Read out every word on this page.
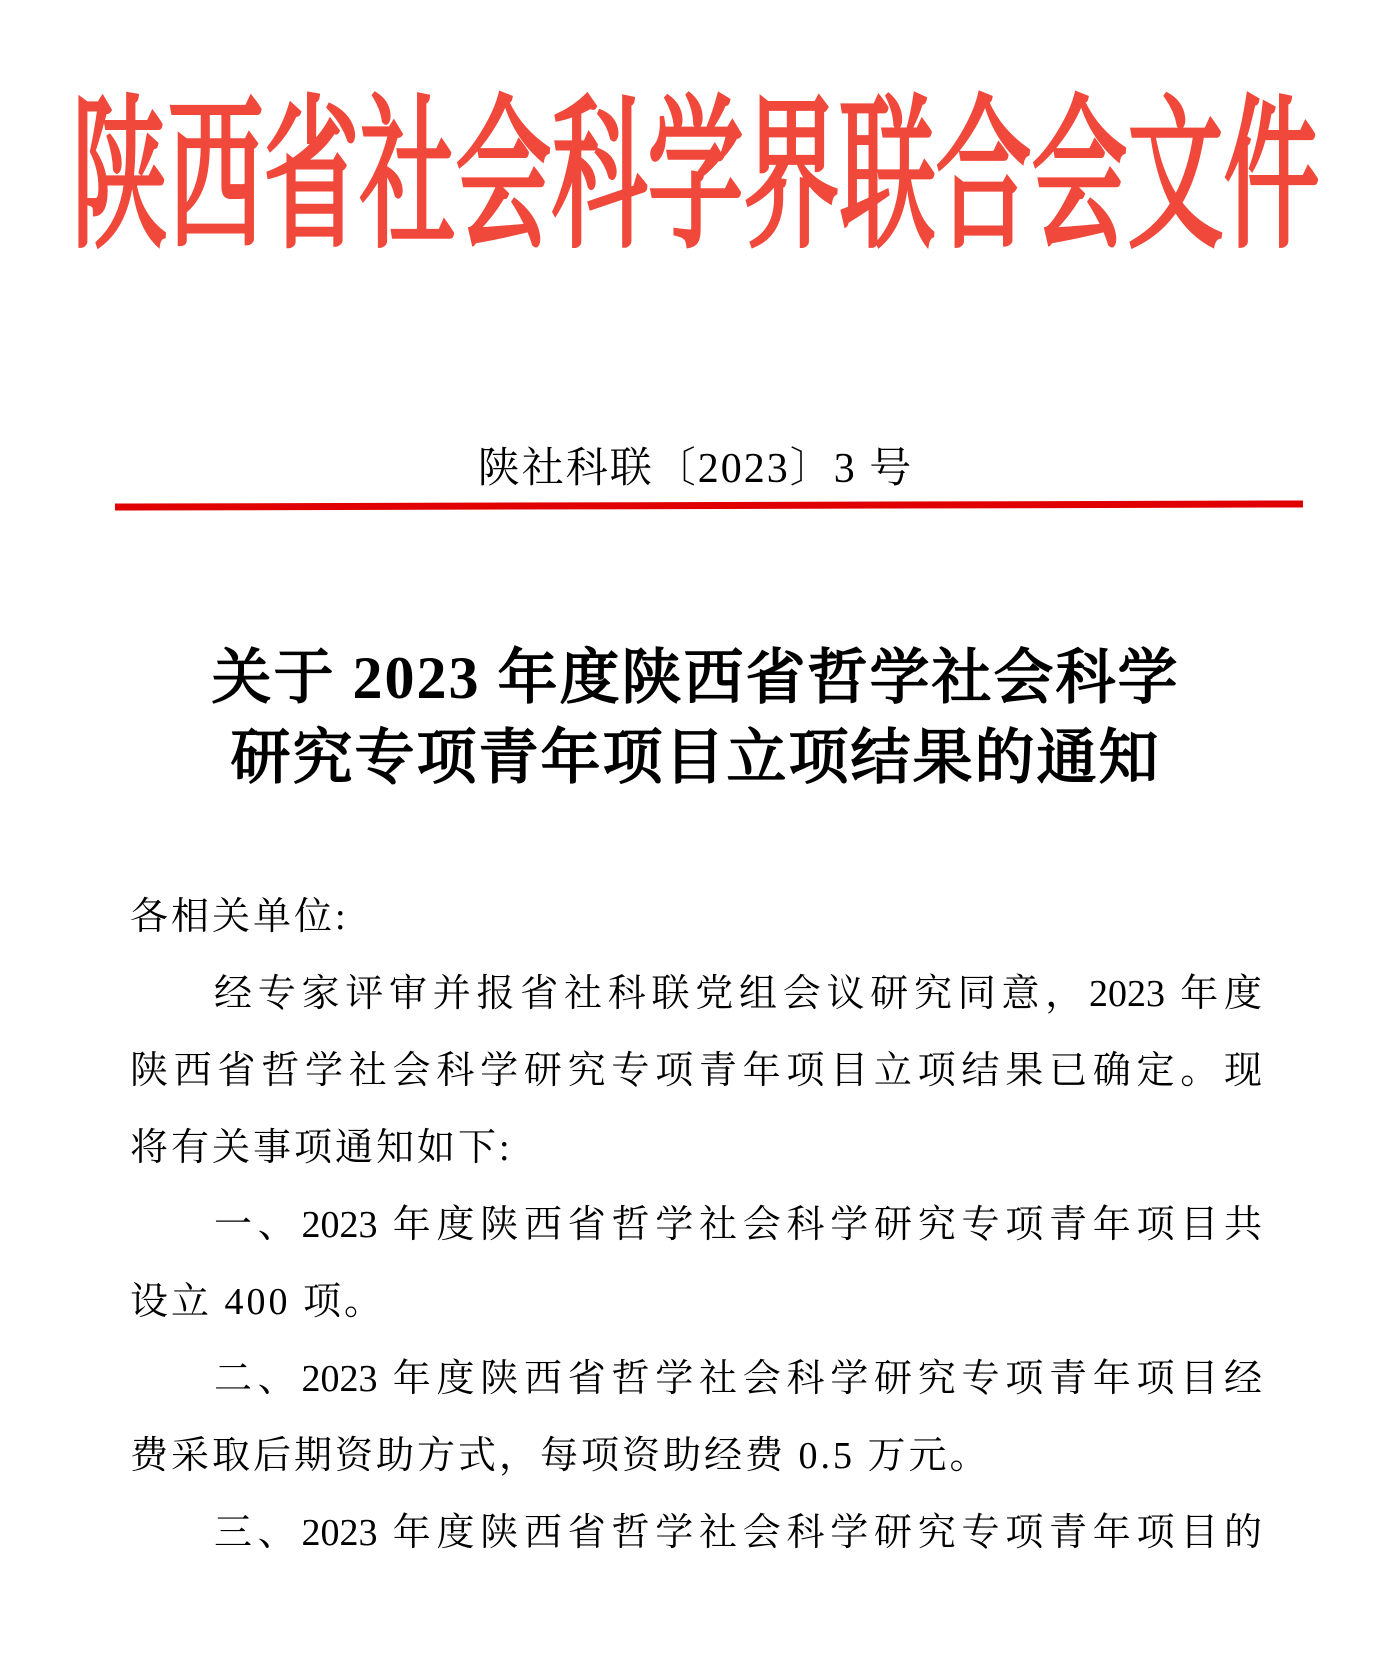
陕西省社会科学界联合会文件
陕社科联〔2023〕3 号
关于 2023 年度陕西省哲学社会科学
研究专项青年项目立项结果的通知
各相关单位:
经专家评审并报省社科联党组会议研究同意，2023 年度
陕西省哲学社会科学研究专项青年项目立项结果已确定。现
将有关事项通知如下:
一、2023 年度陕西省哲学社会科学研究专项青年项目共
设立 400 项。
二、2023 年度陕西省哲学社会科学研究专项青年项目经
费采取后期资助方式，每项资助经费 0.5 万元。
三、2023 年度陕西省哲学社会科学研究专项青年项目的
